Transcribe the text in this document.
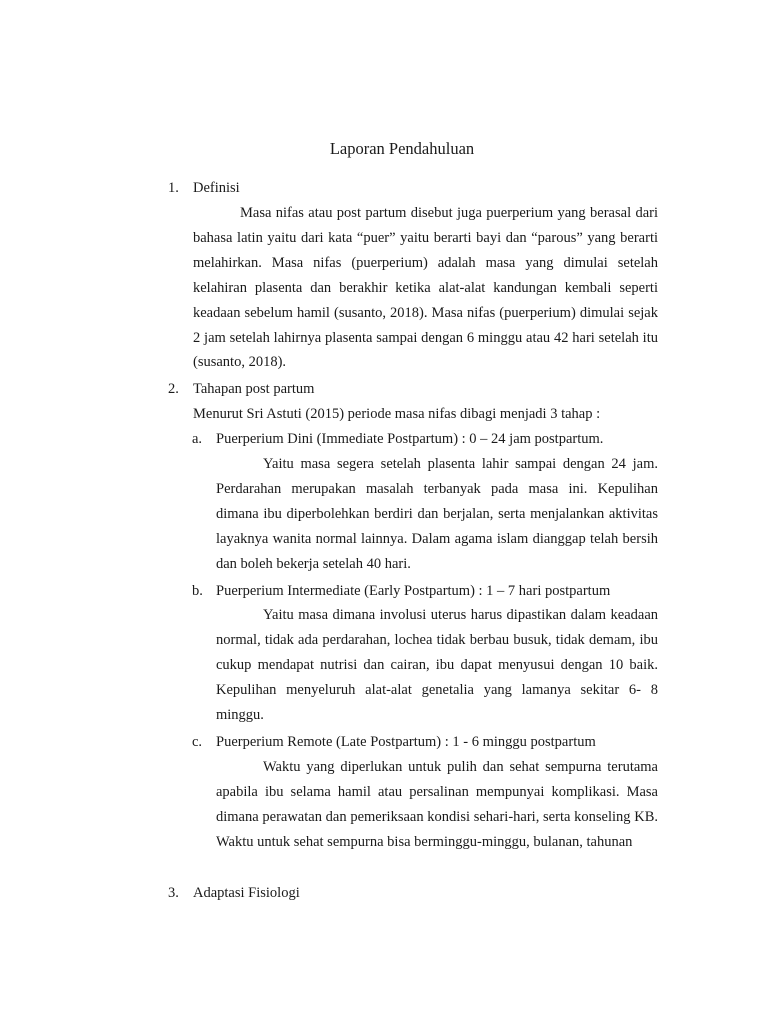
Laporan Pendahuluan
1. Definisi

Masa nifas atau post partum disebut juga puerperium yang berasal dari bahasa latin yaitu dari kata “puer” yaitu berarti bayi dan “parous” yang berarti melahirkan. Masa nifas (puerperium) adalah masa yang dimulai setelah kelahiran plasenta dan berakhir ketika alat-alat kandungan kembali seperti keadaan sebelum hamil (susanto, 2018). Masa nifas (puerperium) dimulai sejak 2 jam setelah lahirnya plasenta sampai dengan 6 minggu atau 42 hari setelah itu (susanto, 2018).

2. Tahapan post partum

Menurut Sri Astuti (2015) periode masa nifas dibagi menjadi 3 tahap :

a. Puerperium Dini (Immediate Postpartum) : 0 – 24 jam postpartum.

Yaitu masa segera setelah plasenta lahir sampai dengan 24 jam. Perdarahan merupakan masalah terbanyak pada masa ini. Kepulihan dimana ibu diperbolehkan berdiri dan berjalan, serta menjalankan aktivitas layaknya wanita normal lainnya. Dalam agama islam dianggap telah bersih dan boleh bekerja setelah 40 hari.

b. Puerperium Intermediate (Early Postpartum) : 1 – 7 hari postpartum

Yaitu masa dimana involusi uterus harus dipastikan dalam keadaan normal, tidak ada perdarahan, lochea tidak berbau busuk, tidak demam, ibu cukup mendapat nutrisi dan cairan, ibu dapat menyusui dengan 10 baik. Kepulihan menyeluruh alat-alat genetalia yang lamanya sekitar 6- 8 minggu.

c. Puerperium Remote (Late Postpartum) : 1 - 6 minggu postpartum

Waktu yang diperlukan untuk pulih dan sehat sempurna terutama apabila ibu selama hamil atau persalinan mempunyai komplikasi. Masa dimana perawatan dan pemeriksaan kondisi sehari-hari, serta konseling KB. Waktu untuk sehat sempurna bisa berminggu-minggu, bulanan, tahunan

3. Adaptasi Fisiologi
